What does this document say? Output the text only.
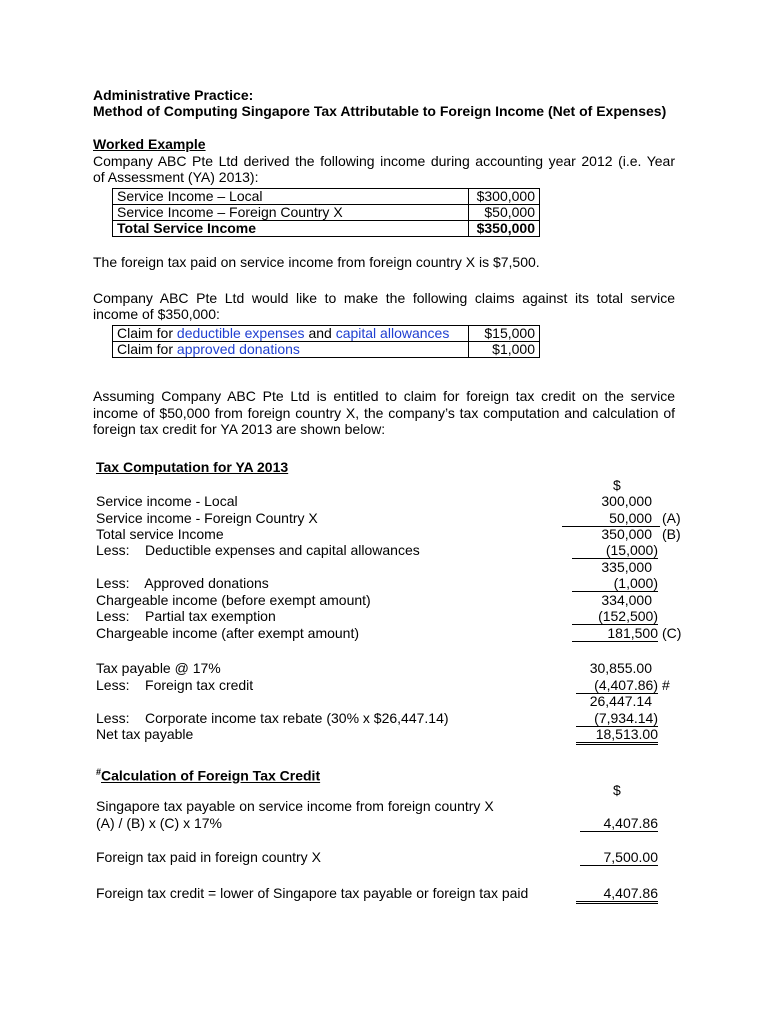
Administrative Practice:
Method of Computing Singapore Tax Attributable to Foreign Income (Net of Expenses)
Worked Example
Company ABC Pte Ltd derived the following income during accounting year 2012 (i.e. Year
of Assessment (YA) 2013):
Service Income – Local	$300,000
Service Income – Foreign Country X	$50,000
Total Service Income	$350,000
The foreign tax paid on service income from foreign country X is $7,500.
Company ABC Pte Ltd would like to make the following claims against its total service
income of $350,000:
Claim for deductible expenses and capital allowances	$15,000
Claim for approved donations	$1,000
Assuming Company ABC Pte Ltd is entitled to claim for foreign tax credit on the service
income of $50,000 from foreign country X, the company’s tax computation and calculation of
foreign tax credit for YA 2013 are shown below:
Tax Computation for YA 2013
$
Service income - Local	300,000
Service income - Foreign Country X	50,000 (A)
Total service Income	350,000 (B)
Less:    Deductible expenses and capital allowances	(15,000)
335,000
Less:    Approved donations	(1,000)
Chargeable income (before exempt amount)	334,000
Less:    Partial tax exemption	(152,500)
Chargeable income (after exempt amount)	181,500 (C)
Tax payable @ 17%	30,855.00
Less:    Foreign tax credit	(4,407.86) #
26,447.14
Less:    Corporate income tax rebate (30% x $26,447.14)	(7,934.14)
Net tax payable	18,513.00
#Calculation of Foreign Tax Credit
$
Singapore tax payable on service income from foreign country X
(A) / (B) x (C) x 17%	4,407.86
Foreign tax paid in foreign country X	7,500.00
Foreign tax credit = lower of Singapore tax payable or foreign tax paid	4,407.86
